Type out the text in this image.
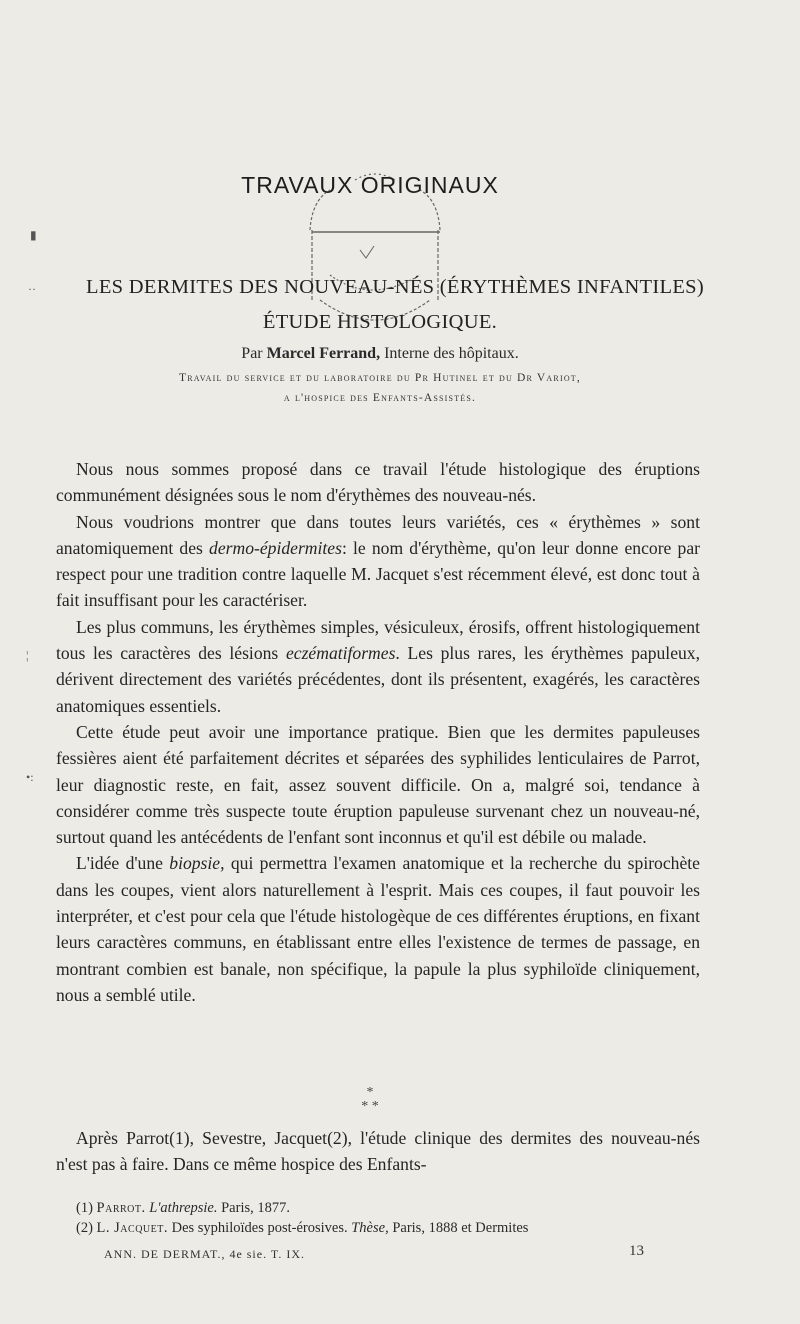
TRAVAUX ORIGINAUX
LES DERMITES DES NOUVEAU-NÉS (ÉRYTHÈMES INFANTILES)
ÉTUDE HISTOLOGIQUE.
Par Marcel Ferrand, Interne des hôpitaux.
Travail du service et du laboratoire du Pr Hutinel et du Dr Variot,
a l'hospice des Enfants-Assistés.

Nous nous sommes proposé dans ce travail l'étude histologique des éruptions communément désignées sous le nom d'érythèmes des nouveau-nés.

Nous voudrions montrer que dans toutes leurs variétés, ces « érythèmes » sont anatomiquement des dermo-épidermites: le nom d'érythème, qu'on leur donne encore par respect pour une tradition contre laquelle M. Jacquet s'est récemment élevé, est donc tout à fait insuffisant pour les caractériser.

Les plus communs, les érythèmes simples, vésiculeux, érosifs, offrent histologiquement tous les caractères des lésions eczématiformes. Les plus rares, les érythèmes papuleux, dérivent directement des variétés précédentes, dont ils présentent, exagérés, les caractères anatomiques essentiels.

Cette étude peut avoir une importance pratique. Bien que les dermites papuleuses fessières aient été parfaitement décrites et séparées des syphilides lenticulaires de Parrot, leur diagnostic reste, en fait, assez souvent difficile. On a, malgré soi, tendance à considérer comme très suspecte toute éruption papuleuse survenant chez un nouveau-né, surtout quand les antécédents de l'enfant sont inconnus et qu'il est débile ou malade.

L'idée d'une biopsie, qui permettra l'examen anatomique et la recherche du spirochète dans les coupes, vient alors naturellement à l'esprit. Mais ces coupes, il faut pouvoir les interpréter, et c'est pour cela que l'étude histologèque de ces différentes éruptions, en fixant leurs caractères communs, en établissant entre elles l'existence de termes de passage, en montrant combien est banale, non spécifique, la papule la plus syphiloïde cliniquement, nous a semblé utile.

*
* *

Après Parrot(1), Sevestre, Jacquet(2), l'étude clinique des dermites des nouveau-nés n'est pas à faire. Dans ce même hospice des Enfants-

(1) Parrot. L'athrepsie. Paris, 1877.
(2) L. Jacquet. Des syphiloïdes post-érosives. Thèse, Paris, 1888 et Dermites
ANN. DE DERMAT., 4e sie. T. IX.	13
▮
··
¦
•:
